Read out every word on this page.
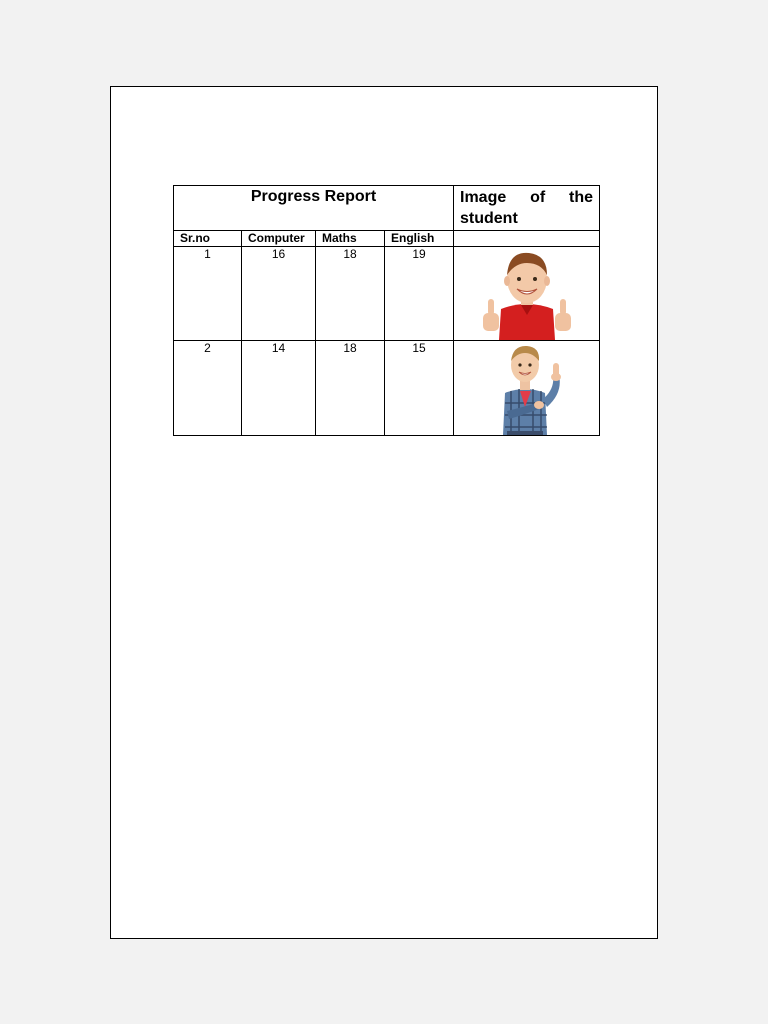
Progress Report				Image of the
student

Sr.no	Computer	Maths	English	
1	16	18	19	

2	14	18	15	
